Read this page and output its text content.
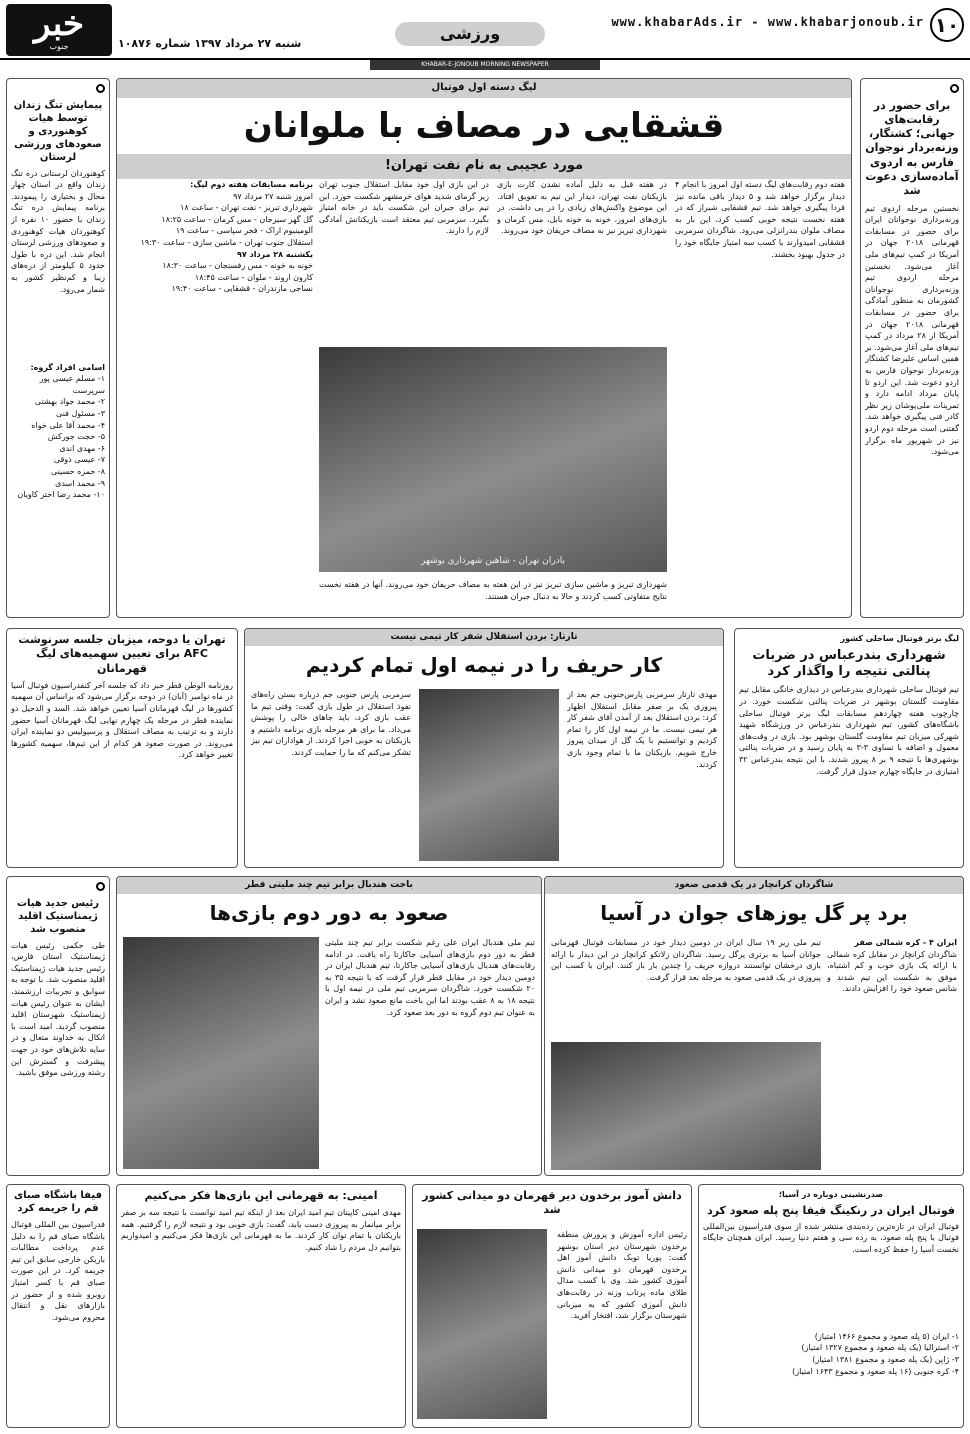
۱۰
www.khabarAds.ir - www.khabarjonoub.ir
ورزشی
شنبه ۲۷ مرداد ۱۳۹۷ شماره ۱۰۸۷۶
خبر
جنوب
KHABAR-E-JONOUB MORNING NEWSPAPER
برای حضور در رقابت‌های جهانی؛ کشتگار، وزنه‌بردار نوجوان فارس به اردوی آماده‌سازی دعوت شد
نخستین مرحله اردوی تیم وزنه‌برداری نوجوانان ایران برای حضور در مسابقات قهرمانی ۲۰۱۸ جهان در آمریکا در کمپ تیم‌های ملی آغاز می‌شود. نخستین مرحله اردوی تیم وزنه‌برداری نوجوانان کشورمان به منظور آمادگی برای حضور در مسابقات قهرمانی ۲۰۱۸ جهان در آمریکا از ۲۸ مرداد در کمپ تیم‌های ملی آغاز می‌شود. بر همین اساس علیرضا کشتگار وزنه‌بردار نوجوان فارس به اردو دعوت شد. این اردو تا پایان مرداد ادامه دارد و تمرینات ملی‌پوشان زیر نظر کادر فنی پیگیری خواهد شد. گفتنی است مرحله دوم اردو نیز در شهریور ماه برگزار می‌شود.
پیمایش تنگ زندان توسط هیات کوهنوردی و صعودهای ورزشی لرستان
کوهنوردان لرستانی دره تنگ زندان واقع در استان چهار محال و بختیاری را پیمودند. برنامه پیمایش دره تنگ زندان با حضور ۱۰ نفره از کوهنوردان هیات کوهنوردی و صعودهای ورزشی لرستان انجام شد. این دره با طول حدود ۵ کیلومتر از دره‌های زیبا و کم‌نظیر کشور به شمار می‌رود.
اسامی افراد گروه:
۱- مسلم عیسی پور سرپرست
۲- محمد جواد بهشتی
۳- مسئول فنی
۴- محمد آقا علی خواه
۵- حجت جورکش
۶- مهدی اندی
۷- عیسی ذوقی
۸- حمزه حسینی
۹- محمد اسدی
۱۰- محمد رضا اختر کاویان
لیگ دسته اول فوتبال
قشقایی در مصاف با ملوانان
مورد عجیبی به نام نفت تهران!
هفته دوم رقابت‌های لیگ دسته اول امروز با انجام ۴ دیدار برگزار خواهد شد و ۵ دیدار باقی مانده نیز فردا پیگیری خواهد شد. تیم قشقایی شیراز که در هفته نخست نتیجه خوبی کسب کرد، این بار به مصاف ملوان بندرانزلی می‌رود. شاگردان سرمربی قشقایی امیدوارند با کسب سه امتیاز جایگاه خود را در جدول بهبود بخشند.
در هفته قبل به دلیل آماده نشدن کارت بازی بازیکنان نفت تهران، دیدار این تیم به تعویق افتاد. این موضوع واکنش‌های زیادی را در پی داشت. در بازی‌های امروز، خونه به خونه بابل، مس کرمان و شهرداری تبریز نیز به مصاف حریفان خود می‌روند.
در این بازی اول خود مقابل استقلال جنوب تهران زیر گرمای شدید هوای خرمشهر شکست خورد. این تیم برای جبران این شکست باید در خانه امتیاز بگیرد. سرمربی تیم معتقد است بازیکنانش آمادگی لازم را دارند.
بادران تهران - شاهین شهرداری بوشهر
شهرداری تبریز و ماشین سازی تبریز نیز در این هفته به مصاف حریفان خود می‌روند. آنها در هفته نخست نتایج متفاوتی کسب کردند و حالا به دنبال جبران هستند.
برنامه مسابقات هفته دوم لیگ:
امروز شنبه ۲۷ مرداد ۹۷
شهرداری تبریز - نفت تهران - ساعت ۱۸
گل گهر سیرجان - مس کرمان - ساعت ۱۸:۲۵
آلومینیوم اراک - فجر سپاسی - ساعت ۱۹
استقلال جنوب تهران - ماشین سازی - ساعت ۱۹:۳۰
یکشنبه ۲۸ مرداد ۹۷
خونه به خونه - مس رفسنجان - ساعت ۱۸:۳۰
کارون اروند - ملوان - ساعت ۱۸:۴۵
نساجی مازندران - قشقایی - ساعت ۱۹:۴۰
لیگ برتر فوتبال ساحلی کشور
شهرداری بندرعباس در ضربات پنالتی نتیجه را واگذار کرد
تیم فوتبال ساحلی شهرداری بندرعباس در دیداری خانگی مقابل تیم مقاومت گلستان بوشهر در ضربات پنالتی شکست خورد. در چارچوب هفته چهاردهم مسابقات لیگ برتر فوتبال ساحلی باشگاه‌های کشور، تیم شهرداری بندرعباس در ورزشگاه شهید شهرکی میزبان تیم مقاومت گلستان بوشهر بود. بازی در وقت‌های معمول و اضافه با تساوی ۳-۳ به پایان رسید و در ضربات پنالتی بوشهری‌ها با نتیجه ۹ بر ۸ پیروز شدند. با این نتیجه بندرعباس ۳۲ امتیازی در جایگاه چهارم جدول قرار گرفت.
تارتار: بردن استقلال شفر کار تیمی نیست
کار حریف را در نیمه اول تمام کردیم
مهدی تارتار سرمربی پارس‌جنوبی جم بعد از پیروزی یک بر صفر مقابل استقلال اظهار کرد: بردن استقلال بعد از آمدن آقای شفر کار هر تیمی نیست. ما در نیمه اول کار را تمام کردیم و توانستیم با یک گل از میدان پیروز خارج شویم. بازیکنان ما با تمام وجود بازی کردند.
سرمربی پارس جنوبی جم درباره بستن راه‌های نفوذ استقلال در طول بازی گفت: وقتی تیم ما عقب بازی کرد، باید جاهای خالی را پوشش می‌داد. ما برای هر مرحله بازی برنامه داشتیم و بازیکنان به خوبی اجرا کردند. از هواداران تیم نیز تشکر می‌کنم که ما را حمایت کردند.
تهران یا دوحه، میزبان جلسه سرنوشت AFC برای تعیین سهمیه‌های لیگ قهرمانان
روزنامه الوطن قطر خبر داد که جلسه آخر کنفدراسیون فوتبال آسیا در ماه نوامبر (آبان) در دوحه برگزار می‌شود که براساس آن سهمیه کشورها در لیگ قهرمانان آسیا تعیین خواهد شد. السد و الدحیل دو نماینده قطر در مرحله یک چهارم نهایی لیگ قهرمانان آسیا حضور دارند و به ترتیب به مصاف استقلال و پرسپولیس دو نماینده ایران می‌روند. در صورت صعود هر کدام از این تیم‌ها، سهمیه کشورها تغییر خواهد کرد.
رئیس جدید هیات ژیمناستیک اقلید منصوب شد
طی حکمی رئیس هیات ژیمناستیک استان فارس، رئیس جدید هیات ژیمناستیک اقلید منصوب شد. با توجه به سوابق و تجربیات ارزشمند، ایشان به عنوان رئیس هیات ژیمناستیک شهرستان اقلید منصوب گردید. امید است با اتکال به خداوند متعال و در سایه تلاش‌های خود در جهت پیشرفت و گسترش این رشته ورزشی موفق باشید.
شاگردان کرانچار در یک قدمی صعود
برد پر گل یوزهای جوان در آسیا
ایران ۴ - کره شمالی صفر
شاگردان کرانچار در مقابل کره شمالی با ارائه یک بازی خوب و کم اشتباه، موفق به شکست این تیم شدند و شانس صعود خود را افزایش دادند.
تیم ملی زیر ۱۹ سال ایران در دومین دیدار خود در مسابقات فوتبال قهرمانی جوانان آسیا به برتری پرگل رسید. شاگردان زلاتکو کرانچار در این دیدار با ارائه بازی درخشان توانستند دروازه حریف را چندین بار باز کنند. ایران با کسب این پیروزی در یک قدمی صعود به مرحله بعد قرار گرفت.
باخت هندبال برابر تیم چند ملیتی قطر
صعود به دور دوم بازی‌ها
تیم ملی هندبال ایران علی رغم شکست برابر تیم چند ملیتی قطر به دور دوم بازی‌های آسیایی جاکارتا راه یافت. در ادامه رقابت‌های هندبال بازی‌های آسیایی جاکارتا، تیم هندبال ایران در دومین دیدار خود در مقابل قطر قرار گرفت که با نتیجه ۳۵ به ۲۰ شکست خورد. شاگردان سرمربی تیم ملی در نیمه اول با نتیجه ۱۸ به ۸ عقب بودند اما این باخت مانع صعود نشد و ایران به عنوان تیم دوم گروه به دور بعد صعود کرد.
فیفا باشگاه صبای قم را جریمه کرد
فدراسیون بین المللی فوتبال باشگاه صبای قم را به دلیل عدم پرداخت مطالبات بازیکن خارجی سابق این تیم جریمه کرد. در این صورت صبای قم با کسر امتیاز روبرو شده و از حضور در بازارهای نقل و انتقال محروم می‌شود.
امینی: به قهرمانی این بازی‌ها فکر می‌کنیم
مهدی امینی کاپیتان تیم امید ایران بعد از اینکه تیم امید توانست با نتیجه سه بر صفر برابر میانمار به پیروزی دست یابد، گفت: بازی خوبی بود و نتیجه لازم را گرفتیم. همه بازیکنان با تمام توان کار کردند. ما به قهرمانی این بازی‌ها فکر می‌کنیم و امیدواریم بتوانیم دل مردم را شاد کنیم.
دانش آموز برخدون دیر قهرمان دو میدانی کشور شد
رئیس اداره آموزش و پرورش منطقه برخدون شهرستان دیر استان بوشهر گفت: پوریا توبک دانش آموز اهل برخدون قهرمان دو میدانی دانش آموزی کشور شد. وی با کسب مدال طلای ماده پرتاب وزنه در رقابت‌های دانش آموزی کشور که به میزبانی شهرستان برگزار شد، افتخار آفرید.
صدرنشینی دوباره در آسیا؛
فوتبال ایران در رنکینگ فیفا پنج پله صعود کرد
فوتبال ایران در تازه‌ترین رده‌بندی منتشر شده از سوی فدراسیون بین‌المللی فوتبال با پنج پله صعود، به رده سی و هفتم دنیا رسید. ایران همچنان جایگاه نخست آسیا را حفظ کرده است.
۱- ایران (۵ پله صعود و مجموع ۱۴۶۶ امتیاز)
۲- استرالیا (یک پله صعود و مجموع ۱۳۲۷ امتیاز)
۳- ژاپن (یک پله صعود و مجموع ۱۳۸۱ امتیاز)
۴- کره جنوبی (۱۶ پله صعود و مجموع ۱۶۴۳ امتیاز)
